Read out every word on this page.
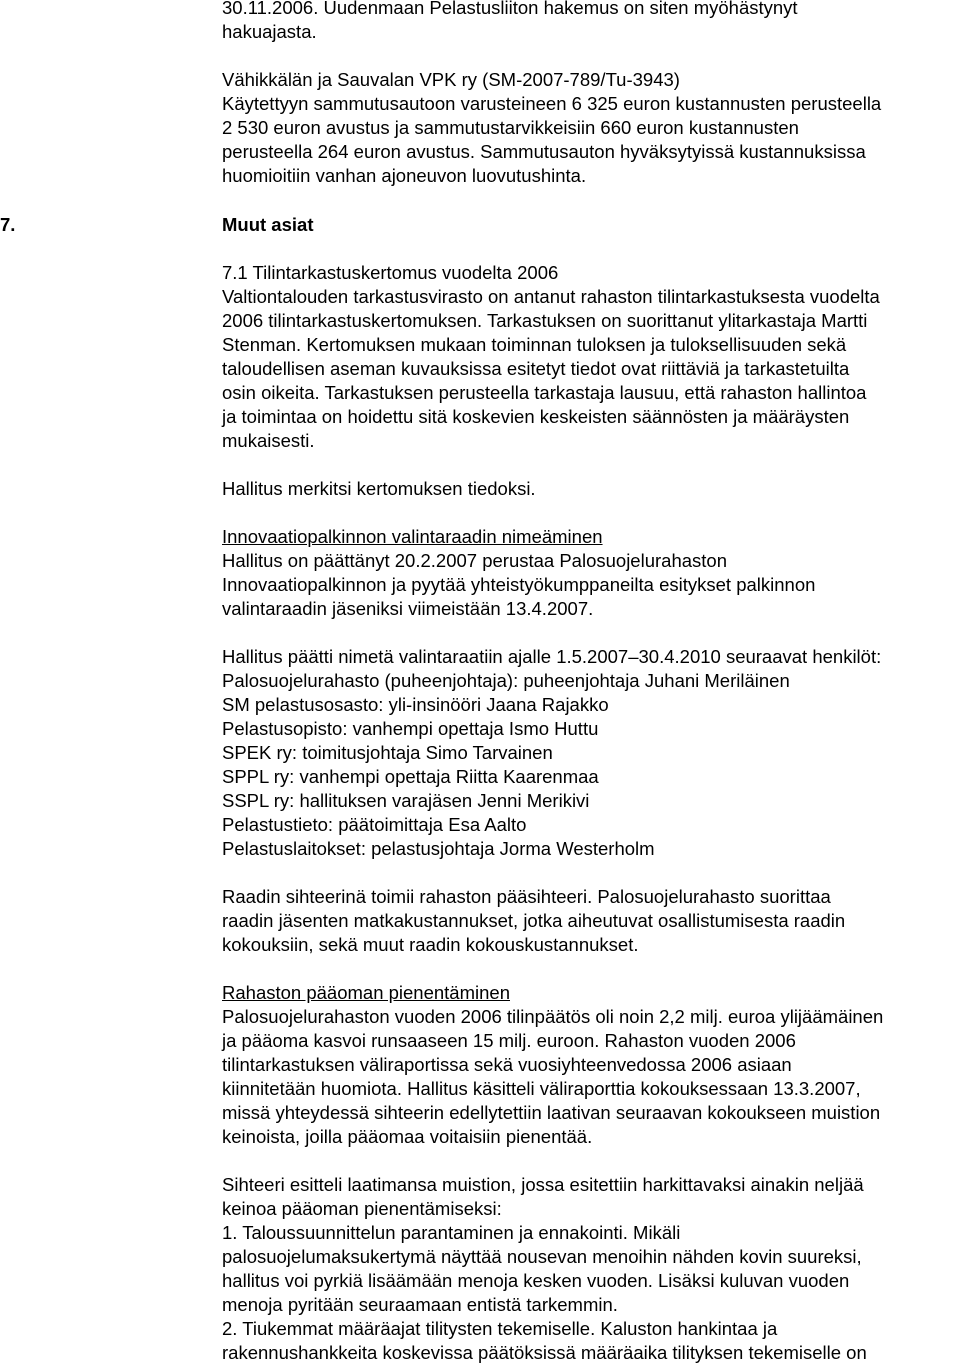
30.11.2006. Uudenmaan Pelastusliiton hakemus on siten myöhästynyt
hakuajasta.
Vähikkälän ja Sauvalan VPK ry (SM-2007-789/Tu-3943)
Käytettyyn sammutusautoon varusteineen 6 325 euron kustannusten perusteella
2 530 euron avustus ja sammutustarvikkeisiin 660 euron kustannusten
perusteella 264 euron avustus. Sammutusauton hyväksytyissä kustannuksissa
huomioitiin vanhan ajoneuvon luovutushinta.
7.	Muut asiat
7.1 Tilintarkastuskertomus vuodelta 2006
Valtiontalouden tarkastusvirasto on antanut rahaston tilintarkastuksesta vuodelta
2006 tilintarkastuskertomuksen. Tarkastuksen on suorittanut ylitarkastaja Martti
Stenman. Kertomuksen mukaan toiminnan tuloksen ja tuloksellisuuden sekä
taloudellisen aseman kuvauksissa esitetyt tiedot ovat riittäviä ja tarkastetuilta
osin oikeita. Tarkastuksen perusteella tarkastaja lausuu, että rahaston hallintoa
ja toimintaa on hoidettu sitä koskevien keskeisten säännösten ja määräysten
mukaisesti.
Hallitus merkitsi kertomuksen tiedoksi.
Innovaatiopalkinnon valintaraadin nimeäminen
Hallitus on päättänyt 20.2.2007 perustaa Palosuojelurahaston
Innovaatiopalkinnon ja pyytää yhteistyökumppaneilta esitykset palkinnon
valintaraadin jäseniksi viimeistään 13.4.2007.
Hallitus päätti nimetä valintaraatiin ajalle 1.5.2007–30.4.2010 seuraavat henkilöt:
Palosuojelurahasto (puheenjohtaja): puheenjohtaja Juhani Meriläinen
SM pelastusosasto: yli-insinööri Jaana Rajakko
Pelastusopisto: vanhempi opettaja Ismo Huttu
SPEK ry: toimitusjohtaja Simo Tarvainen
SPPL ry: vanhempi opettaja Riitta Kaarenmaa
SSPL ry: hallituksen varajäsen Jenni Merikivi
Pelastustieto: päätoimittaja Esa Aalto
Pelastuslaitokset: pelastusjohtaja Jorma Westerholm
Raadin sihteerinä toimii rahaston pääsihteeri. Palosuojelurahasto suorittaa
raadin jäsenten matkakustannukset, jotka aiheutuvat osallistumisesta raadin
kokouksiin, sekä muut raadin kokouskustannukset.
Rahaston pääoman pienentäminen
Palosuojelurahaston vuoden 2006 tilinpäätös oli noin 2,2 milj. euroa ylijäämäinen
ja pääoma kasvoi runsaaseen 15 milj. euroon. Rahaston vuoden 2006
tilintarkastuksen väliraportissa sekä vuosiyhteenvedossa 2006 asiaan
kiinnitetään huomiota. Hallitus käsitteli väliraporttia kokouksessaan 13.3.2007,
missä yhteydessä sihteerin edellytettiin laativan seuraavan kokoukseen muistion
keinoista, joilla pääomaa voitaisiin pienentää.
Sihteeri esitteli laatimansa muistion, jossa esitettiin harkittavaksi ainakin neljää
keinoa pääoman pienentämiseksi:
1. Taloussuunnittelun parantaminen ja ennakointi. Mikäli
palosuojelumaksukertymä näyttää nousevan menoihin nähden kovin suureksi,
hallitus voi pyrkiä lisäämään menoja kesken vuoden. Lisäksi kuluvan vuoden
menoja pyritään seuraamaan entistä tarkemmin.
2. Tiukemmat määräajat tilitysten tekemiselle. Kaluston hankintaa ja
rakennushankkeita koskevissa päätöksissä määräaika tilityksen tekemiselle on
